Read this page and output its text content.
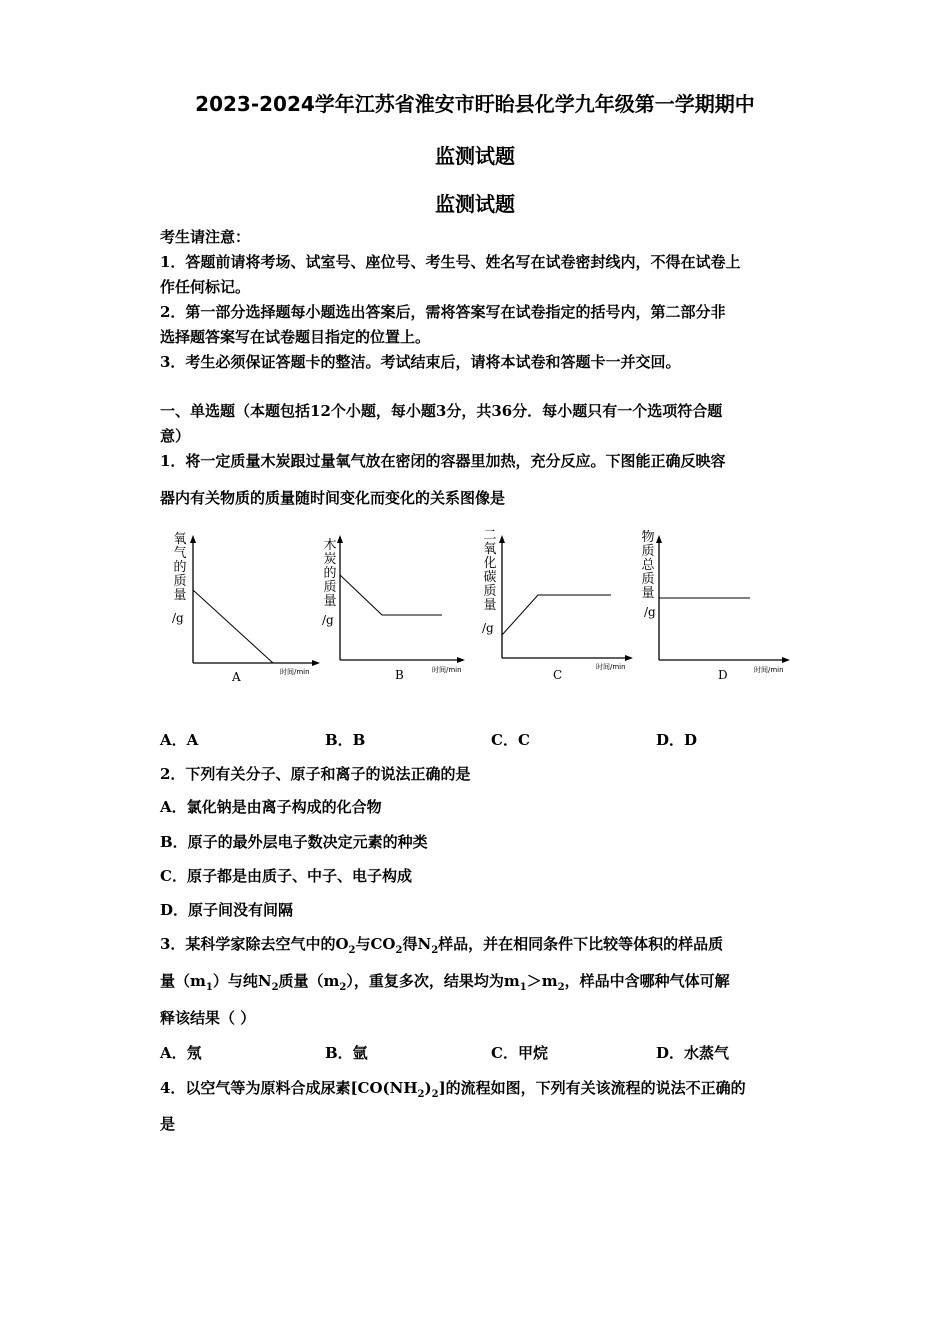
2023-2024学年江苏省淮安市盱眙县化学九年级第一学期期中
监测试题
监测试题
考生请注意：
1．答题前请将考场、试室号、座位号、考生号、姓名写在试卷密封线内，不得在试卷上
作任何标记。
2．第一部分选择题每小题选出答案后，需将答案写在试卷指定的括号内，第二部分非
选择题答案写在试卷题目指定的位置上。
3．考生必须保证答题卡的整洁。考试结束后，请将本试卷和答题卡一并交回。
一、单选题（本题包括12个小题，每小题3分，共36分．每小题只有一个选项符合题
意）
1．将一定质量木炭跟过量氧气放在密闭的容器里加热，充分反应。下图能正确反映容
器内有关物质的质量随时间变化而变化的关系图像是
氧气的质量
/g
时间/min
A
木炭的质量
/g
时间/min
B
二氧化碳质量
/g
时间/min
C
物质总质量
/g
时间/min
D
A．A	B．B	C．C	D．D
2．下列有关分子、原子和离子的说法正确的是
A．氯化钠是由离子构成的化合物
B．原子的最外层电子数决定元素的种类
C．原子都是由质子、中子、电子构成
D．原子间没有间隔
3．某科学家除去空气中的$O_2$与$CO_2$得$N_2$样品，并在相同条件下比较等体积的样品质
量$(m_1)$与纯$N_2$质量$(m_2)$，重复多次，结果均为$m_1>m_2$，样品中含哪种气体可解
释该结果（ ）
A．氖	B．氩	C．甲烷	D．水蒸气
4．以空气等为原料合成尿素$[CO(NH_2)_2]$的流程如图，下列有关该流程的说法不正确的
是
